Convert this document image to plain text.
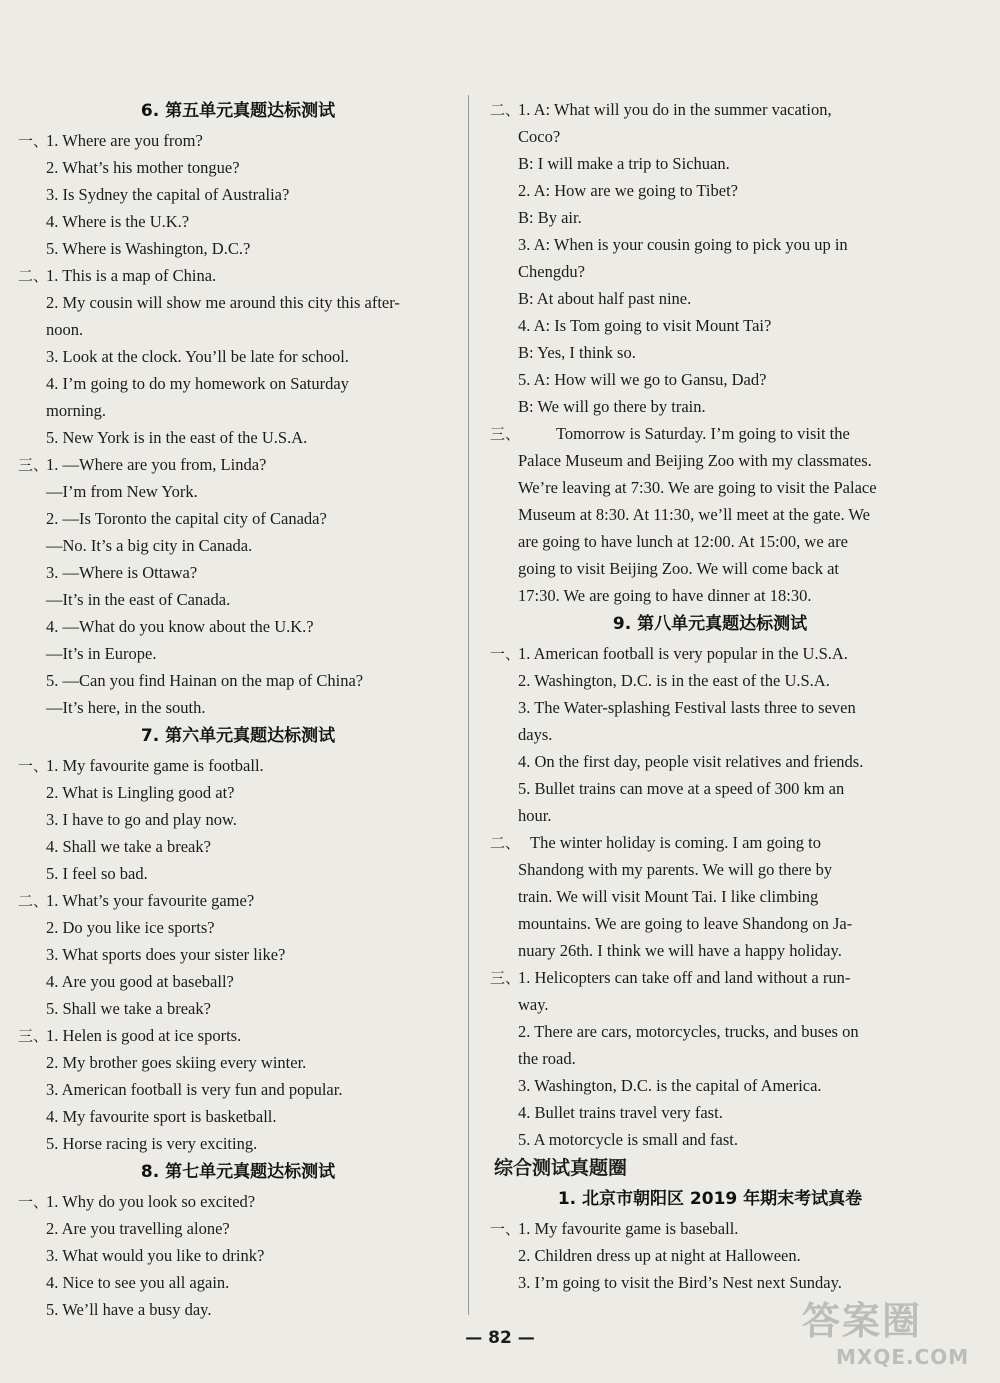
6. 第五单元真题达标测试
一、1. Where are you from?
2. What’s his mother tongue?
3. Is Sydney the capital of Australia?
4. Where is the U.K.?
5. Where is Washington, D.C.?
二、1. This is a map of China.
2. My cousin will show me around this city this after-
noon.
3. Look at the clock. You’ll be late for school.
4. I’m going to do my homework on Saturday
morning.
5. New York is in the east of the U.S.A.
三、1. —Where are you from, Linda?
—I’m from New York.
2. —Is Toronto the capital city of Canada?
—No. It’s a big city in Canada.
3. —Where is Ottawa?
—It’s in the east of Canada.
4. —What do you know about the U.K.?
—It’s in Europe.
5. —Can you find Hainan on the map of China?
—It’s here, in the south.
7. 第六单元真题达标测试
一、1. My favourite game is football.
2. What is Lingling good at?
3. I have to go and play now.
4. Shall we take a break?
5. I feel so bad.
二、1. What’s your favourite game?
2. Do you like ice sports?
3. What sports does your sister like?
4. Are you good at baseball?
5. Shall we take a break?
三、1. Helen is good at ice sports.
2. My brother goes skiing every winter.
3. American football is very fun and popular.
4. My favourite sport is basketball.
5. Horse racing is very exciting.
8. 第七单元真题达标测试
一、1. Why do you look so excited?
2. Are you travelling alone?
3. What would you like to drink?
4. Nice to see you all again.
5. We’ll have a busy day.
二、1. A: What will you do in the summer vacation,
Coco?
B: I will make a trip to Sichuan.
2. A: How are we going to Tibet?
B: By air.
3. A: When is your cousin going to pick you up in
Chengdu?
B: At about half past nine.
4. A: Is Tom going to visit Mount Tai?
B: Yes, I think so.
5. A: How will we go to Gansu, Dad?
B: We will go there by train.
三、 Tomorrow is Saturday. I’m going to visit the
Palace Museum and Beijing Zoo with my classmates.
We’re leaving at 7:30. We are going to visit the Palace
Museum at 8:30. At 11:30, we’ll meet at the gate. We
are going to have lunch at 12:00. At 15:00, we are
going to visit Beijing Zoo. We will come back at
17:30. We are going to have dinner at 18:30.
9. 第八单元真题达标测试
一、1. American football is very popular in the U.S.A.
2. Washington, D.C. is in the east of the U.S.A.
3. The Water-splashing Festival lasts three to seven
days.
4. On the first day, people visit relatives and friends.
5. Bullet trains can move at a speed of 300 km an
hour.
二、 The winter holiday is coming. I am going to
Shandong with my parents. We will go there by
train. We will visit Mount Tai. I like climbing
mountains. We are going to leave Shandong on Ja-
nuary 26th. I think we will have a happy holiday.
三、1. Helicopters can take off and land without a run-
way.
2. There are cars, motorcycles, trucks, and buses on
the road.
3. Washington, D.C. is the capital of America.
4. Bullet trains travel very fast.
5. A motorcycle is small and fast.
综合测试真题圈
1. 北京市朝阳区 2019 年期末考试真卷
一、1. My favourite game is baseball.
2. Children dress up at night at Halloween.
3. I’m going to visit the Bird’s Nest next Sunday.
— 82 —	答案圈
MXQE.COM
